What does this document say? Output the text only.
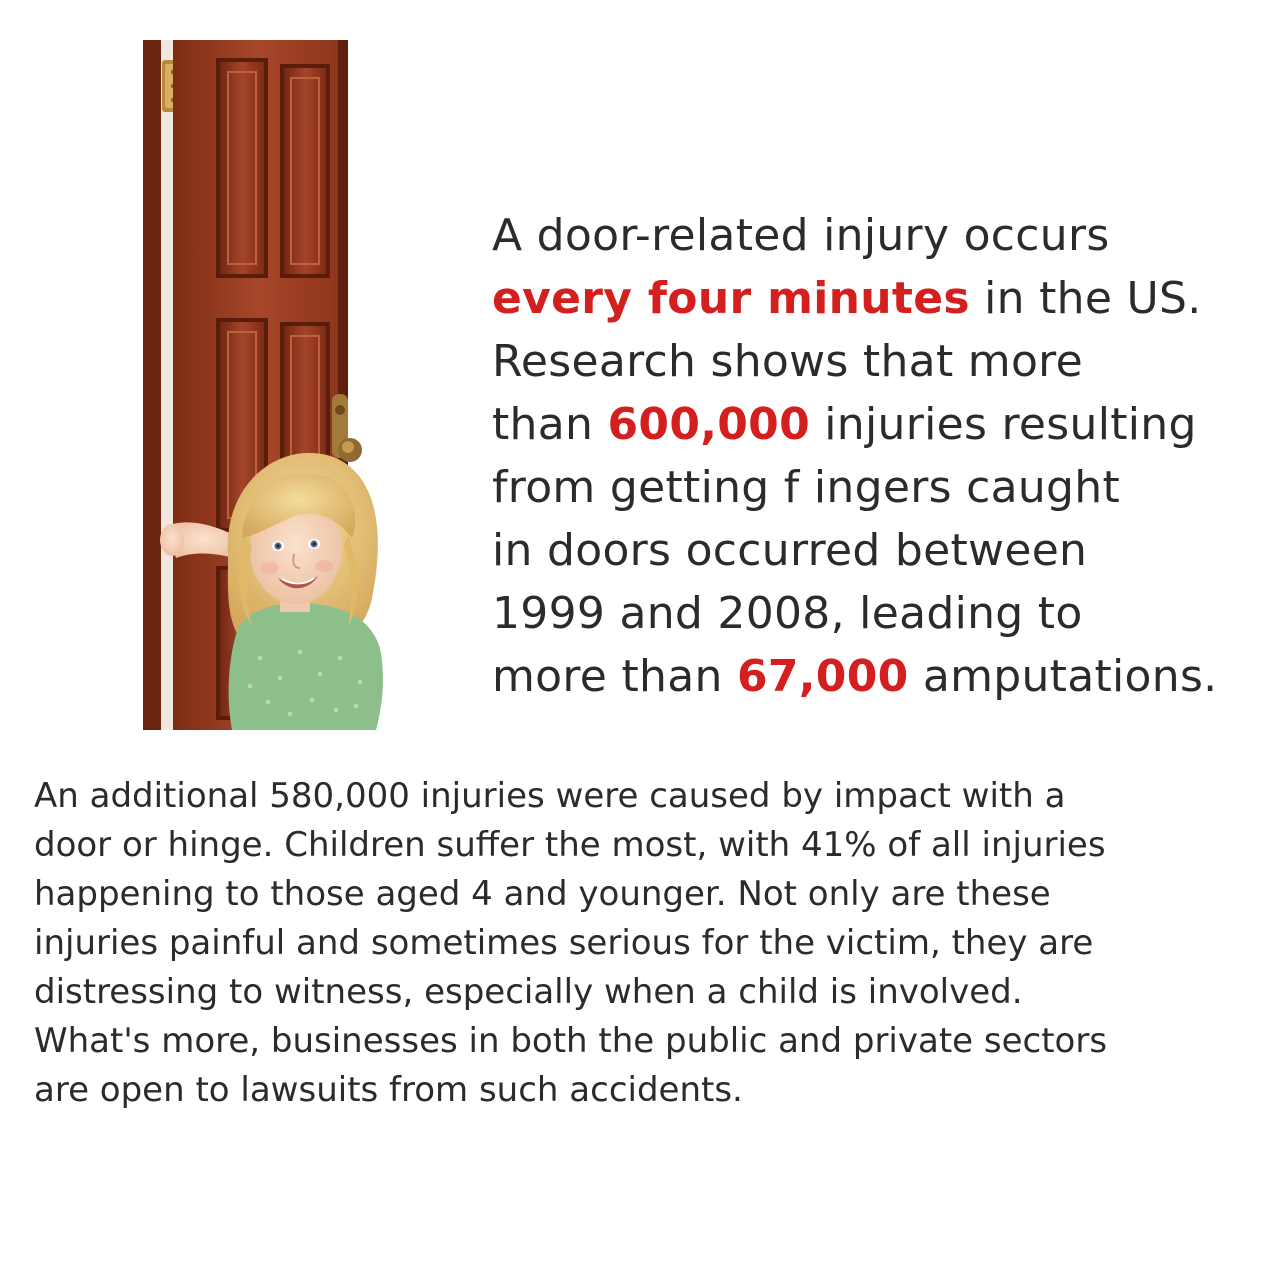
A door-related injury occurs
every four minutes in the US.
Research shows that more
than 600,000 injuries resulting
from getting f ingers caught
in doors occurred between
1999 and 2008, leading to
more than 67,000 amputations.

An additional 580,000 injuries were caused by impact with a
door or hinge. Children suffer the most, with 41% of all injuries
happening to those aged 4 and younger. Not only are these
injuries painful and sometimes serious for the victim, they are
distressing to witness, especially when a child is involved.
What's more, businesses in both the public and private sectors
are open to lawsuits from such accidents.
